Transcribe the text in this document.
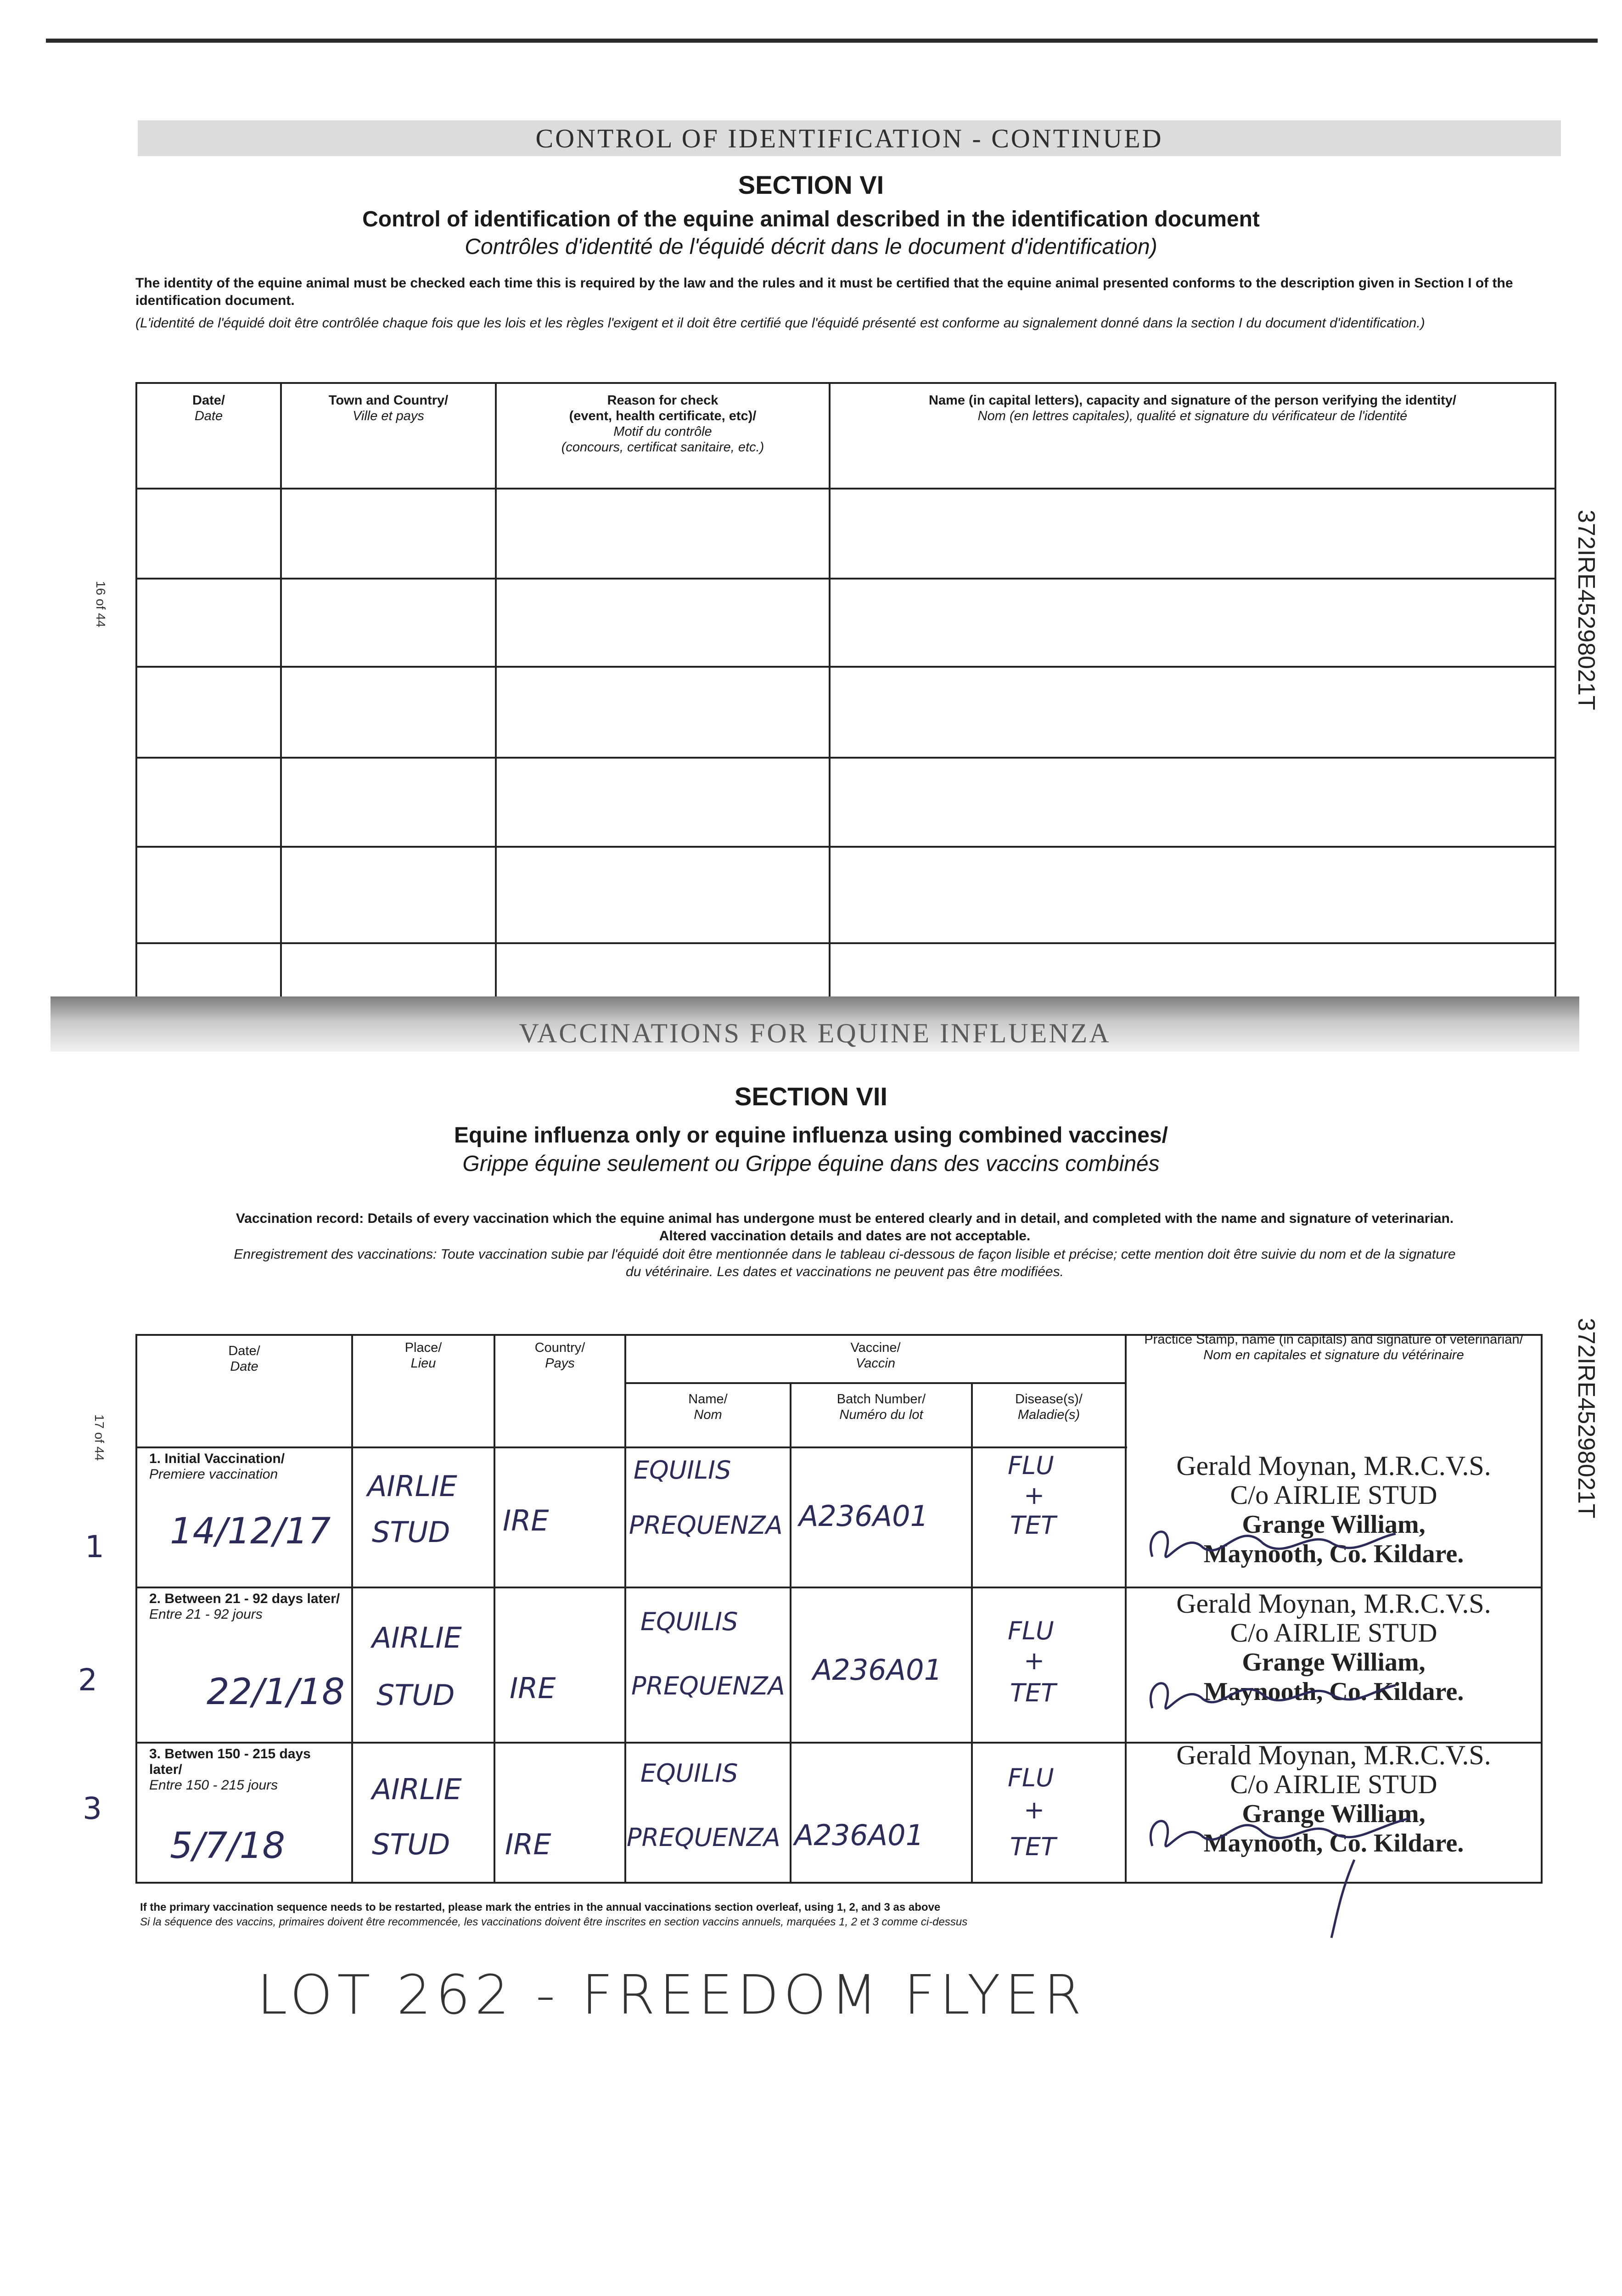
CONTROL OF IDENTIFICATION - CONTINUED
SECTION VI
Control of identification of the equine animal described in the identification document
Contrôles d'identité de l'équidé décrit dans le document d'identification)
The identity of the equine animal must be checked each time this is required by the law and the rules and it must be certified that the equine animal presented conforms to the description given in Section I of the identification document.
(L'identité de l'équidé doit être contrôlée chaque fois que les lois et les règles l'exigent et il doit être certifié que l'équidé présenté est conforme au signalement donné dans la section I du document d'identification.)
Date/
Date
Town and Country/
Ville et pays
Reason for check
(event, health certificate, etc)/
Motif du contrôle
(concours, certificat sanitaire, etc.)
Name (in capital letters), capacity and signature of the person verifying the identity/
Nom (en lettres capitales), qualité et signature du vérificateur de l'identité
16 of 44	372IRE45298021T
VACCINATIONS FOR EQUINE INFLUENZA
SECTION VII
Equine influenza only or equine influenza using combined vaccines/
Grippe équine seulement ou Grippe équine dans des vaccins combinés
Vaccination record: Details of every vaccination which the equine animal has undergone must be entered clearly and in detail, and completed with the name and signature of veterinarian.
Altered vaccination details and dates are not acceptable.
Enregistrement des vaccinations: Toute vaccination subie par l'équidé doit être mentionnée dans le tableau ci-dessous de façon lisible et précise; cette mention doit être suivie du nom et de la signature
du vétérinaire. Les dates et vaccinations ne peuvent pas être modifiées.
372IRE45298021T
17 of 44
Date/
Date
Place/
Lieu
Country/
Pays
Vaccine/
Vaccin
Name/
Nom
Batch Number/
Numéro du lot
Disease(s)/
Maladie(s)
Practice Stamp, name (in capitals) and signature of veterinarian/
Nom en capitales et signature du vétérinaire
1
1. Initial Vaccination/
Premiere vaccination
14/12/17
AIRLIE
STUD IRE
EQUILIS
PREQUENZA A236A01
FLU
+
TET
Gerald Moynan, M.R.C.V.S.
C/o AIRLIE STUD
Grange William,
Maynooth, Co. Kildare.
2
2. Between 21 - 92 days later/
Entre 21 - 92 jours
22/1/18
AIRLIE
STUD IRE
EQUILIS
PREQUENZA A236A01
FLU
+
TET
Gerald Moynan, M.R.C.V.S.
C/o AIRLIE STUD
Grange William,
Maynooth, Co. Kildare.
3
3. Betwen 150 - 215 days later/
Entre 150 - 215 jours
5/7/18
AIRLIE
STUD IRE
EQUILIS
PREQUENZA A236A01
FLU
+
TET
Gerald Moynan, M.R.C.V.S.
C/o AIRLIE STUD
Grange William,
Maynooth, Co. Kildare.
If the primary vaccination sequence needs to be restarted, please mark the entries in the annual vaccinations section overleaf, using 1, 2, and 3 as above
Si la séquence des vaccins, primaires doivent être recommencée, les vaccinations doivent être inscrites en section vaccins annuels, marquées 1, 2 et 3 comme ci-dessus
LOT 262 - FREEDOM FLYER
